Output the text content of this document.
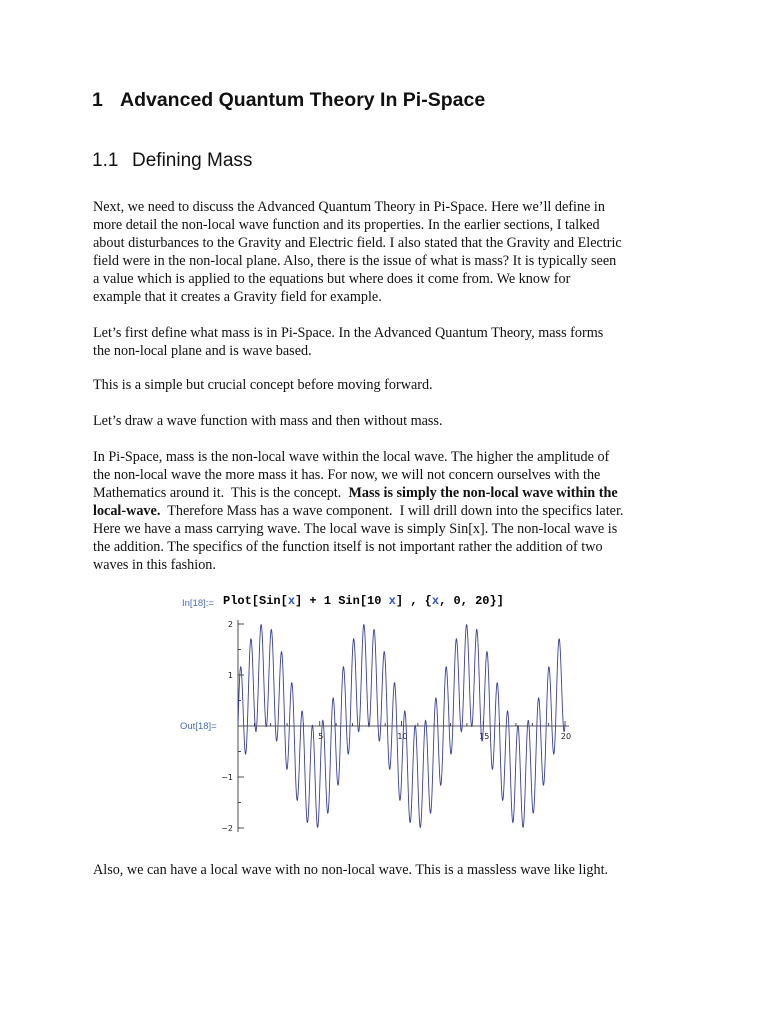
1 Advanced Quantum Theory In Pi-Space
1.1 Defining Mass

Next, we need to discuss the Advanced Quantum Theory in Pi-Space. Here we’ll define in
more detail the non-local wave function and its properties. In the earlier sections, I talked
about disturbances to the Gravity and Electric field. I also stated that the Gravity and Electric
field were in the non-local plane. Also, there is the issue of what is mass? It is typically seen
a value which is applied to the equations but where does it come from. We know for
example that it creates a Gravity field for example.

Let’s first define what mass is in Pi-Space. In the Advanced Quantum Theory, mass forms
the non-local plane and is wave based.

This is a simple but crucial concept before moving forward.

Let’s draw a wave function with mass and then without mass.

In Pi-Space, mass is the non-local wave within the local wave. The higher the amplitude of
the non-local wave the more mass it has. For now, we will not concern ourselves with the
Mathematics around it.  This is the concept.  Mass is simply the non-local wave within the
local-wave.  Therefore Mass has a wave component.  I will drill down into the specifics later.
Here we have a mass carrying wave. The local wave is simply Sin[x]. The non-local wave is
the addition. The specifics of the function itself is not important rather the addition of two
waves in this fashion.

In[18]:= Plot[Sin[x] + 1 Sin[10 x] , {x, 0, 20}]
Out[18]=
5	10	15	20
2
1
−1
−2

Also, we can have a local wave with no non-local wave. This is a massless wave like light.
